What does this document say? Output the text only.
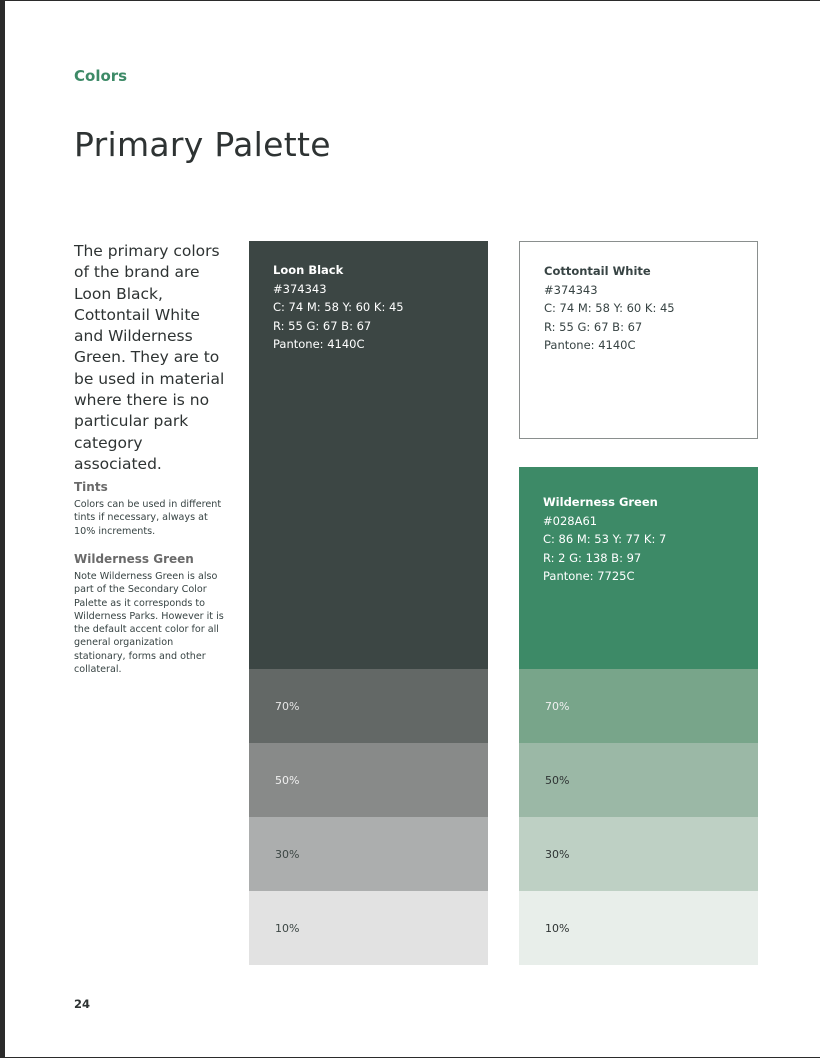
Colors
Primary Palette

The primary colors of the brand are Loon Black, Cottontail White and Wilderness Green. They are to be used in material where there is no particular park category associated.

Tints

Colors can be used in different tints if necessary, always at 10% increments.

Wilderness Green

Note Wilderness Green is also part of the Secondary Color Palette as it corresponds to Wilderness Parks. However it is the default accent color for all general organization stationary, forms and other collateral.

Loon Black
#374343
C: 74 M: 58 Y: 60 K: 45
R: 55 G: 67 B: 67
Pantone: 4140C
70%
50%
30%
10%
Cottontail White
#374343
C: 74 M: 58 Y: 60 K: 45
R: 55 G: 67 B: 67
Pantone: 4140C
Wilderness Green
#028A61
C: 86 M: 53 Y: 77 K: 7
R: 2 G: 138 B: 97
Pantone: 7725C
70%
50%
30%
10%
24
